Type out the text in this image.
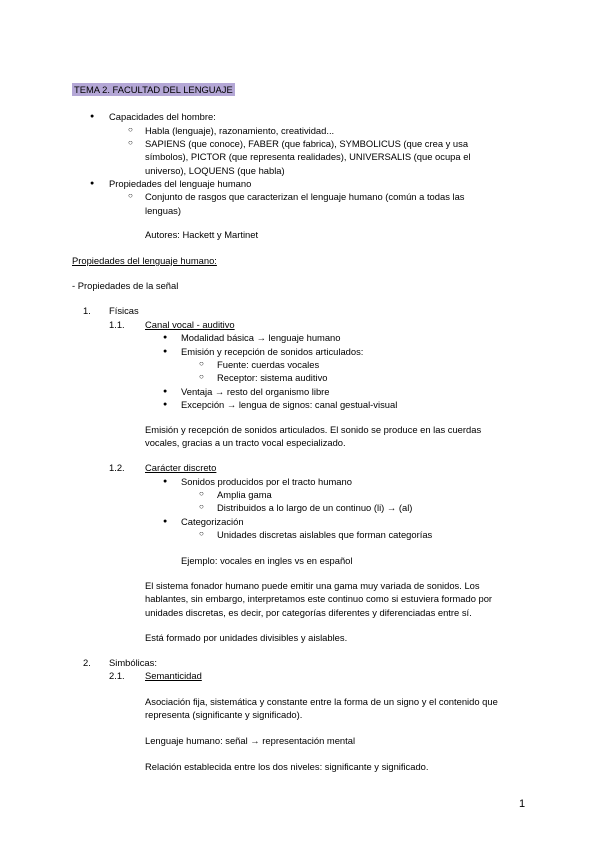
TEMA 2. FACULTAD DEL LENGUAJE
● Capacidades del hombre:
○ Habla (lenguaje), razonamiento, creatividad...
○ SAPIENS (que conoce), FABER (que fabrica), SYMBOLICUS (que crea y usa
símbolos), PICTOR (que representa realidades), UNIVERSALIS (que ocupa el
universo), LOQUENS (que habla)
● Propiedades del lenguaje humano
○ Conjunto de rasgos que caracterizan el lenguaje humano (común a todas las
lenguas)
Autores: Hackett y Martinet
Propiedades del lenguaje humano:
- Propiedades de la señal
1. Físicas
1.1. Canal vocal - auditivo
● Modalidad básica → lenguaje humano
● Emisión y recepción de sonidos articulados:
○ Fuente: cuerdas vocales
○ Receptor: sistema auditivo
● Ventaja → resto del organismo libre
● Excepción → lengua de signos: canal gestual-visual
Emisión y recepción de sonidos articulados. El sonido se produce en las cuerdas
vocales, gracias a un tracto vocal especializado.
1.2. Carácter discreto
● Sonidos producidos por el tracto humano
○ Amplia gama
○ Distribuidos a lo largo de un continuo (li) → (al)
● Categorización
○ Unidades discretas aislables que forman categorías
Ejemplo: vocales en ingles vs en español
El sistema fonador humano puede emitir una gama muy variada de sonidos. Los
hablantes, sin embargo, interpretamos este continuo como si estuviera formado por
unidades discretas, es decir, por categorías diferentes y diferenciadas entre sí.
Está formado por unidades divisibles y aislables.
2. Simbólicas:
2.1. Semanticidad
Asociación fija, sistemática y constante entre la forma de un signo y el contenido que
representa (significante y significado).
Lenguaje humano: señal → representación mental
Relación establecida entre los dos niveles: significante y significado.
1
